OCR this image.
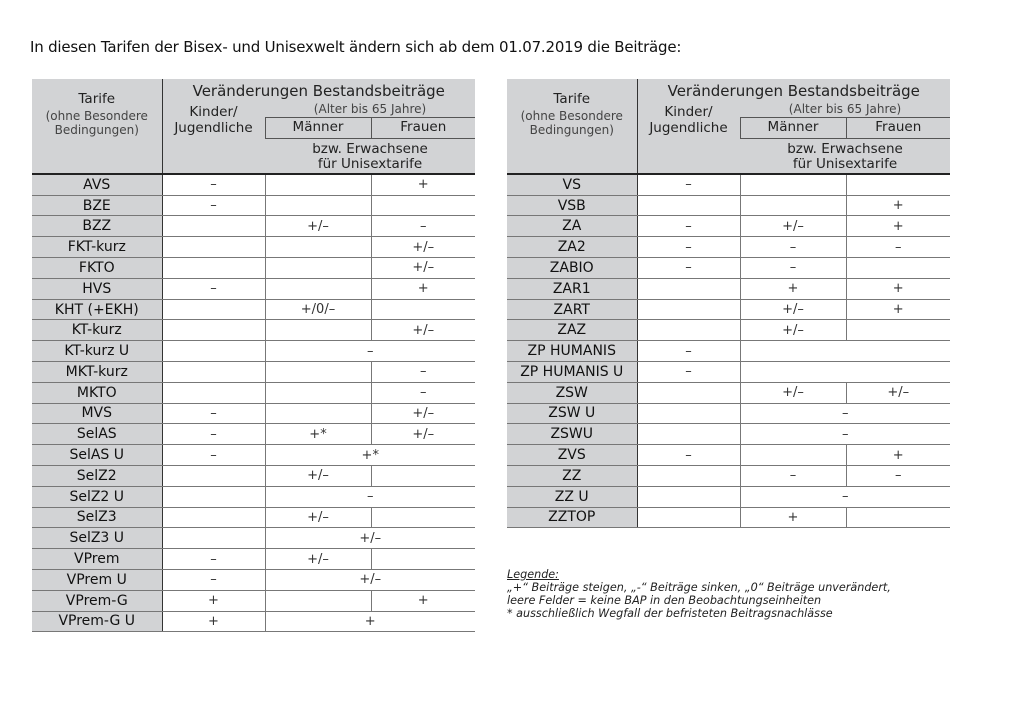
In diesen Tarifen der Bisex- und Unisexwelt ändern sich ab dem 01.07.2019 die Beiträge:
Tarife
(ohne Besondere
Bedingungen)	Veränderungen Bestandsbeiträge		
	Kinder/
Jugendliche	(Alter bis 65 Jahre)	
		Männer	Frauen
		bzw. Erwachsene
für Unisextarife	
AVS	–		+
BZE	–		
BZZ		+/–	–
FKT-kurz			+/–
FKTO			+/–
HVS	–		+
KHT (+EKH)		+/0/–	
KT-kurz			+/–
KT-kurz U		–	
MKT-kurz			–
MKTO			–
MVS	–		+/–
SelAS	–	+*	+/–
SelAS U	–	+*	
SelZ2		+/–	
SelZ2 U		–	
SelZ3		+/–	
SelZ3 U		+/–	
VPrem	–	+/–	
VPrem U	–	+/–	
VPrem-G	+		+
VPrem-G U	+	+	
Tarife
(ohne Besondere
Bedingungen)	Veränderungen Bestandsbeiträge		
	Kinder/
Jugendliche	(Alter bis 65 Jahre)	
		Männer	Frauen
		bzw. Erwachsene
für Unisextarife	
VS	–		
VSB			+
ZA	–	+/–	+
ZA2	–	–	–
ZABIO	–	–	
ZAR1		+	+
ZART		+/–	+
ZAZ		+/–	
ZP HUMANIS	–		
ZP HUMANIS U	–		
ZSW		+/–	+/–
ZSW U		–	
ZSWU		–	
ZVS	–		+
ZZ		–	–
ZZ U		–	
ZZTOP		+	
Legende:
„+“ Beiträge steigen, „-“ Beiträge sinken, „0“ Beiträge unverändert,
leere Felder = keine BAP in den Beobachtungseinheiten
* ausschließlich Wegfall der befristeten Beitragsnachlässe
